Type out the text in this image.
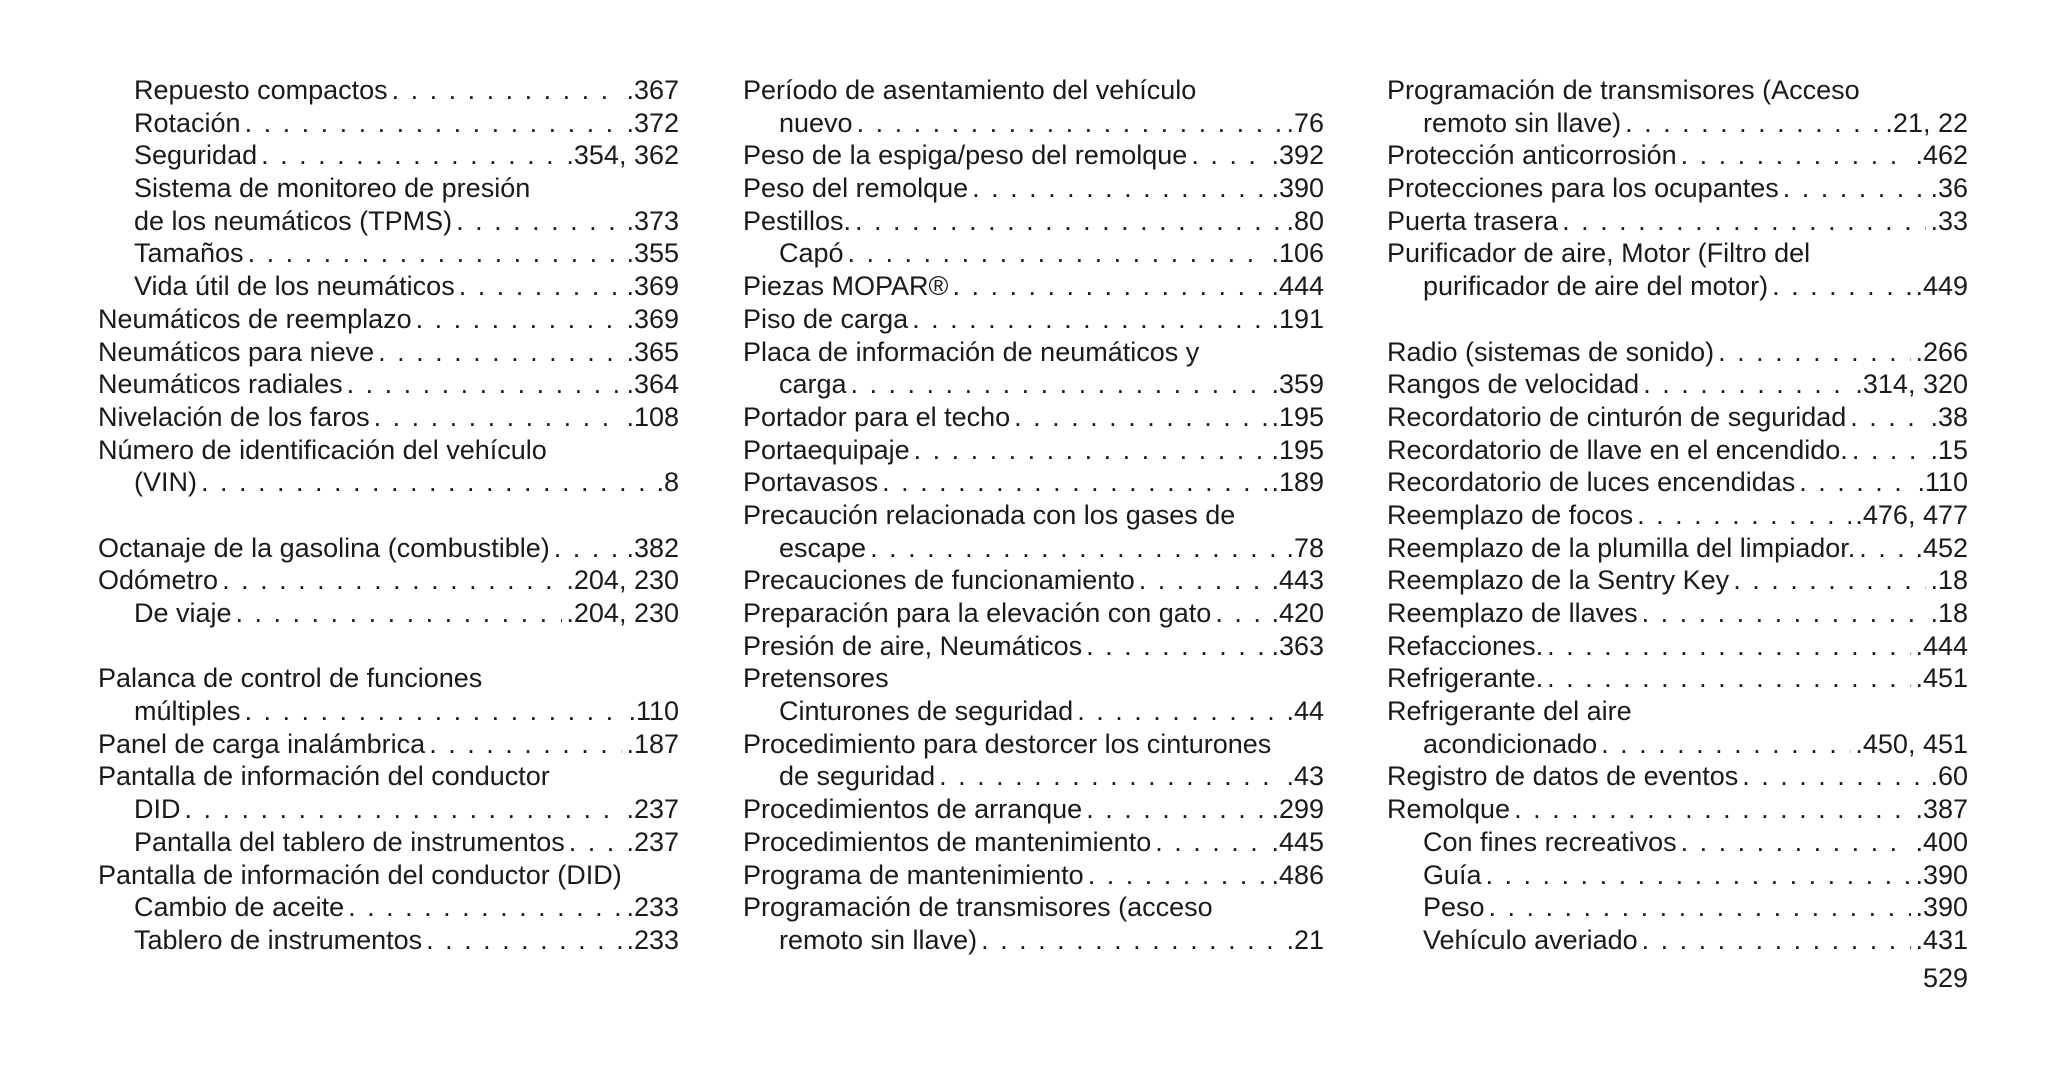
Repuesto compactos . . .	.367
Rotación . . .	.372
Seguridad . . .	.354, 362
Sistema de monitoreo de presión
de los neumáticos (TPMS) . . .	.373
Tamaños . . .	.355
Vida útil de los neumáticos . . .	.369
Neumáticos de reemplazo . . .	.369
Neumáticos para nieve . . .	.365
Neumáticos radiales . . .	.364
Nivelación de los faros . . .	.108
Número de identificación del vehículo
(VIN) . . .	.8
Octanaje de la gasolina (combustible) . . .	.382
Odómetro . . .	.204, 230
De viaje . . .	.204, 230
Palanca de control de funciones
múltiples . . .	.110
Panel de carga inalámbrica . . .	.187
Pantalla de información del conductor
DID . . .	.237
Pantalla del tablero de instrumentos . . . .237
Pantalla de información del conductor (DID)
Cambio de aceite . . .	.233
Tablero de instrumentos . . .	.233
Período de asentamiento del vehículo
nuevo . . .	.76
Peso de la espiga/peso del remolque . . .	.392
Peso del remolque . . .	.390
Pestillos. . . .	.80
Capó . . .	.106
Piezas MOPAR® . . .	.444
Piso de carga . . .	.191
Placa de información de neumáticos y
carga . . .	.359
Portador para el techo . . .	.195
Portaequipaje . . .	.195
Portavasos . . .	.189
Precaución relacionada con los gases de
escape . . .	.78
Precauciones de funcionamiento . . .	.443
Preparación para la elevación con gato . . . .420
Presión de aire, Neumáticos . . .	.363
Pretensores
Cinturones de seguridad . . .	.44
Procedimiento para destorcer los cinturones
de seguridad . . .	.43
Procedimientos de arranque . . .	.299
Procedimientos de mantenimiento . . .	.445
Programa de mantenimiento . . .	.486
Programación de transmisores (acceso
remoto sin llave) . . .	.21
Programación de transmisores (Acceso
remoto sin llave) . . .	.21, 22
Protección anticorrosión . . .	.462
Protecciones para los ocupantes . . .	.36
Puerta trasera . . .	.33
Purificador de aire, Motor (Filtro del
purificador de aire del motor) . . .	.449
Radio (sistemas de sonido) . . .	.266
Rangos de velocidad . . .	.314, 320
Recordatorio de cinturón de seguridad . . .	.38
Recordatorio de llave en el encendido. . . .	.15
Recordatorio de luces encendidas . . .	.110
Reemplazo de focos . . .	.476, 477
Reemplazo de la plumilla del limpiador. . . . .452
Reemplazo de la Sentry Key . . .	.18
Reemplazo de llaves . . .	.18
Refacciones. . . .	.444
Refrigerante. . . .	.451
Refrigerante del aire
acondicionado . . .	.450, 451
Registro de datos de eventos . . .	.60
Remolque . . .	.387
Con fines recreativos . . .	.400
Guía . . .	.390
Peso . . .	.390
Vehículo averiado . . .	.431
529
